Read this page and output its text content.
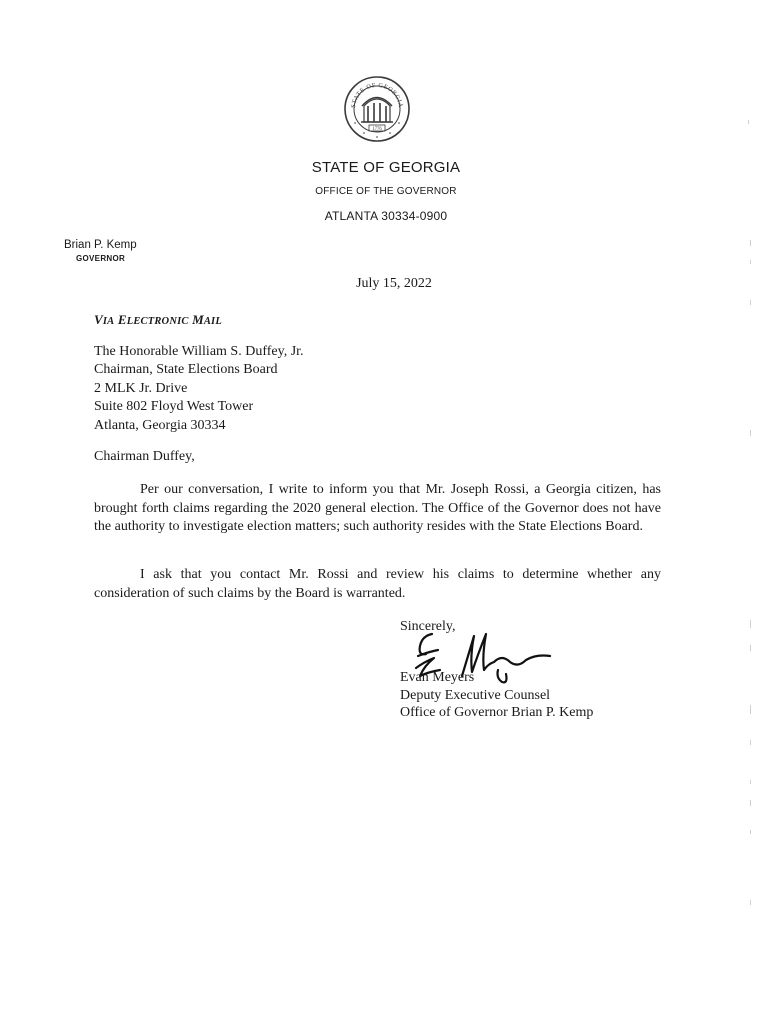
STATE OF GEORGIA
1776
STATE OF GEORGIA
OFFICE OF THE GOVERNOR
ATLANTA 30334-0900
Brian P. Kemp
GOVERNOR
July 15, 2022
VIA ELECTRONIC MAIL
The Honorable William S. Duffey, Jr.
Chairman, State Elections Board
2 MLK Jr. Drive
Suite 802 Floyd West Tower
Atlanta, Georgia 30334
Chairman Duffey,
Per our conversation, I write to inform you that Mr. Joseph Rossi, a Georgia citizen, has brought forth claims regarding the 2020 general election. The Office of the Governor does not have the authority to investigate election matters; such authority resides with the State Elections Board.
I ask that you contact Mr. Rossi and review his claims to determine whether any consideration of such claims by the Board is warranted.
Sincerely,
Evan Meyers
Deputy Executive Counsel
Office of Governor Brian P. Kemp
